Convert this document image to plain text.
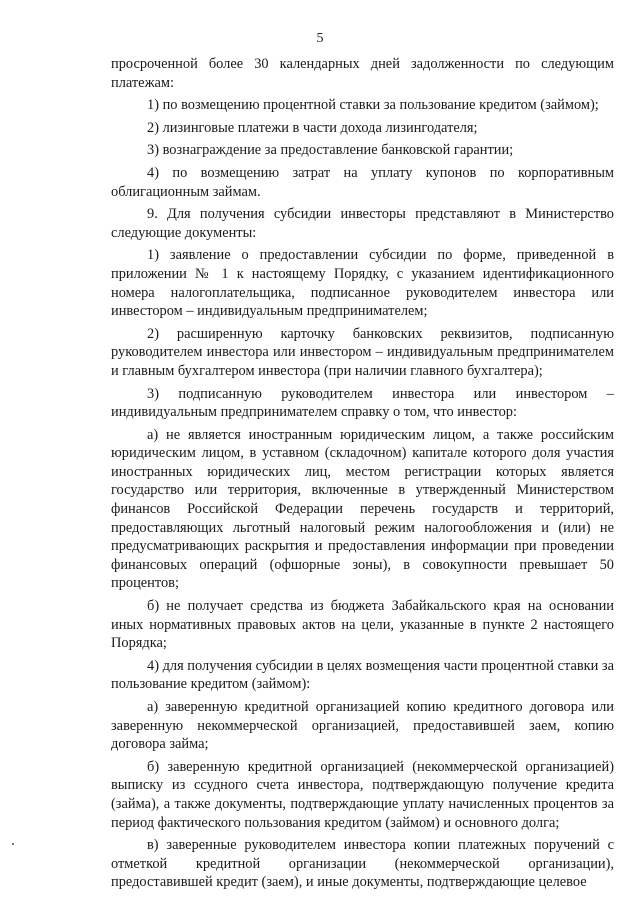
5

просроченной более 30 календарных дней задолженности по следующим платежам:

1) по возмещению процентной ставки за пользование кредитом (займом);

2) лизинговые платежи в части дохода лизингодателя;

3) вознаграждение за предоставление банковской гарантии;

4) по возмещению затрат на уплату купонов по корпоративным облигационным займам.

9. Для получения субсидии инвесторы представляют в Министерство следующие документы:

1) заявление о предоставлении субсидии по форме, приведенной в приложении № 1 к настоящему Порядку, с указанием идентификационного номера налогоплательщика, подписанное руководителем инвестора или инвестором – индивидуальным предпринимателем;

2) расширенную карточку банковских реквизитов, подписанную руководителем инвестора или инвестором – индивидуальным предпринимателем и главным бухгалтером инвестора (при наличии главного бухгалтера);

3) подписанную руководителем инвестора или инвестором – индивидуальным предпринимателем справку о том, что инвестор:

а) не является иностранным юридическим лицом, а также российским юридическим лицом, в уставном (складочном) капитале которого доля участия иностранных юридических лиц, местом регистрации которых является государство или территория, включенные в утвержденный Министерством финансов Российской Федерации перечень государств и территорий, предоставляющих льготный налоговый режим налогообложения и (или) не предусматривающих раскрытия и предоставления информации при проведении финансовых операций (офшорные зоны), в совокупности превышает 50 процентов;

б) не получает средства из бюджета Забайкальского края на основании иных нормативных правовых актов на цели, указанные в пункте 2 настоящего Порядка;

4) для получения субсидии в целях возмещения части процентной ставки за пользование кредитом (займом):

а) заверенную кредитной организацией копию кредитного договора или заверенную некоммерческой организацией, предоставившей заем, копию договора займа;

б) заверенную кредитной организацией (некоммерческой организацией) выписку из ссудного счета инвестора, подтверждающую получение кредита (займа), а также документы, подтверждающие уплату начисленных процентов за период фактического пользования кредитом (займом) и основного долга;

в) заверенные руководителем инвестора копии платежных поручений с отметкой кредитной организации (некоммерческой организации), предоставившей кредит (заем), и иные документы, подтверждающие целевое
